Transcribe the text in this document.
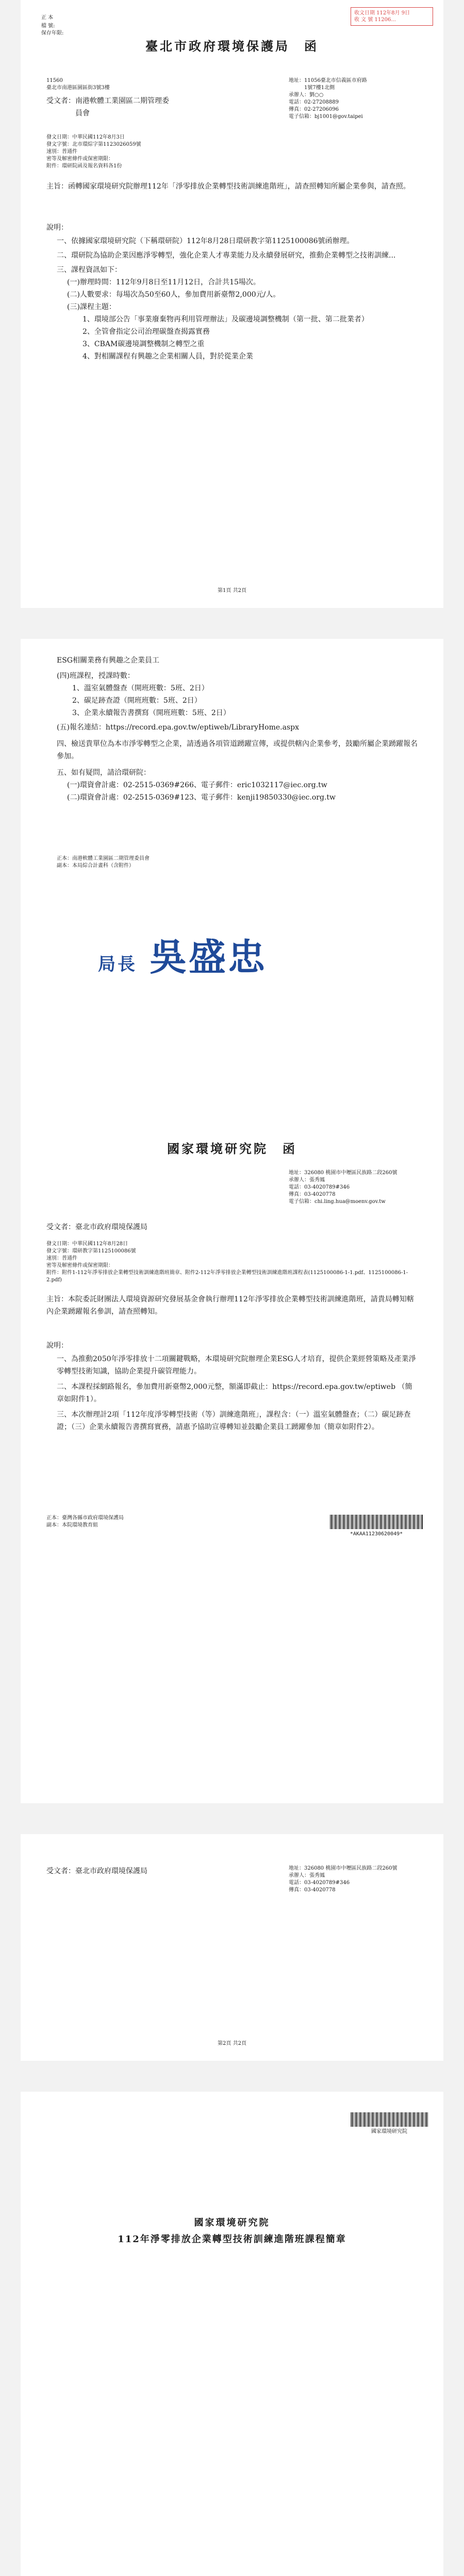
正 本
檔 號:
保存年限:
收文日期 112年8月 9日
收 文 號 11206...
臺北市政府環境保護局　函
11560
臺北市南港區園區街3號3樓
受文者：南港軟體工業園區二期管理委
員會
地址：11056臺北市信義區市府路
　　　1號7樓1北側
承辦人：劉○○
電話：02-27208889
傳真：02-27206096
電子信箱：bj1001@gov.taipei
發文日期：中華民國112年8月3日
發文字號：北市環綜字第1123026059號
速別：普通件
密等及解密條件或保密期限：
附件：環研院函及報名資料各1份
主旨：函轉國家環境研究院辦理112年「淨零排放企業轉型技術訓練進階班」，請查照轉知所屬企業參與，請查照。
說明：
一、依據國家環境研究院（下稱環研院）112年8月28日環研教字第1125100086號函辦理。
二、環研院為協助企業因應淨零轉型，強化企業人才專業能力及永續發展研究，推動企業轉型之技術訓練...
三、課程資訊如下：
(一)辦理時間：112年9月8日至11月12日，合計共15場次。
(二)人數要求：每場次為50至60人，參加費用新臺幣2,000元/人。
(三)課程主題：
1、環境部公告「事業廢棄物再利用管理辦法」及碳邊境調整機制（第一批、第二批業者）
2、全管會指定公司治理碳盤查揭露實務
3、CBAM碳邊境調整機制之轉型之重
4、對相關課程有興趣之企業相關人員，對於從業企業
第1頁 共2頁
ESG相關業務有興趣之企業員工
(四)班課程，授課時數：
1、溫室氣體盤查（開班班數：5班、2日）
2、碳足跡查證（開班班數：5班、2日）
3、企業永續報告書撰寫（開班班數：5班、2日）
(五)報名連結：https://record.epa.gov.tw/eptiweb/LibraryHome.aspx
四、檢送貴單位為本市淨零轉型之企業，請透過各項管道踴躍宣傳，或提供轄內企業參考，鼓勵所屬企業踴躍報名參加。
五、如有疑問，請洽環研院：
(一)環資會計處：02-2515-0369#266、電子郵件：eric1032117@iec.org.tw
(二)環資會計處：02-2515-0369#123、電子郵件：kenji19850330@iec.org.tw
正本：南港軟體工業園區二期管理委員會
副本：本局綜合計畫科（含附件）
局長 吳盛忠
國家環境研究院　函
地址：326080 桃園市中壢區民族路二段260號
承辦人：張秀鳳
電話：03-4020789#346
傳真：03-4020778
電子信箱：chi.ling.hua@moenv.gov.tw
受文者：臺北市政府環境保護局
發文日期：中華民國112年8月28日
發文字號：環研教字第1125100086號
速別：普通件
密等及解密條件或保密期限：
附件：附件1-112年淨零排放企業轉型技術訓練進階班簡章、附件2-112年淨零排放企業轉型技術訓練進階班課程表(1125100086-1-1.pdf、1125100086-1-2.pdf)
主旨：本院委託財團法人環境資源研究發展基金會執行辦理112年淨零排放企業轉型技術訓練進階班，請貴局轉知轄內企業踴躍報名參訓，請查照轉知。
說明：
一、為推動2050年淨零排放十二項關鍵戰略，本環境研究院辦理企業ESG人才培育，提供企業經營策略及產業淨零轉型技術知識，協助企業提升碳管理能力。
二、本課程採網路報名，參加費用新臺幣2,000元整，額滿即截止：https://record.epa.gov.tw/eptiweb （簡章如附件1）。
三、本次辦理計2項「112年度淨零轉型技術（等）訓練進階班」，課程含：（一）溫室氣體盤查；（二）碳足跡查證；（三）企業永續報告書撰寫實務，請惠予協助宣導轉知並鼓勵企業員工踴躍參加（簡章如附件2）。
正本：臺灣各縣市政府環境保護局
副本：本院環境教育組
*AKAA11230620049*
受文者：臺北市政府環境保護局	地址：326080 桃園市中壢區民族路二段260號
承辦人：張秀鳳
電話：03-4020789#346
傳真：03-4020778
第2頁 共2頁
國家環境研究院
國家環境研究院
112年淨零排放企業轉型技術訓練進階班課程簡章
